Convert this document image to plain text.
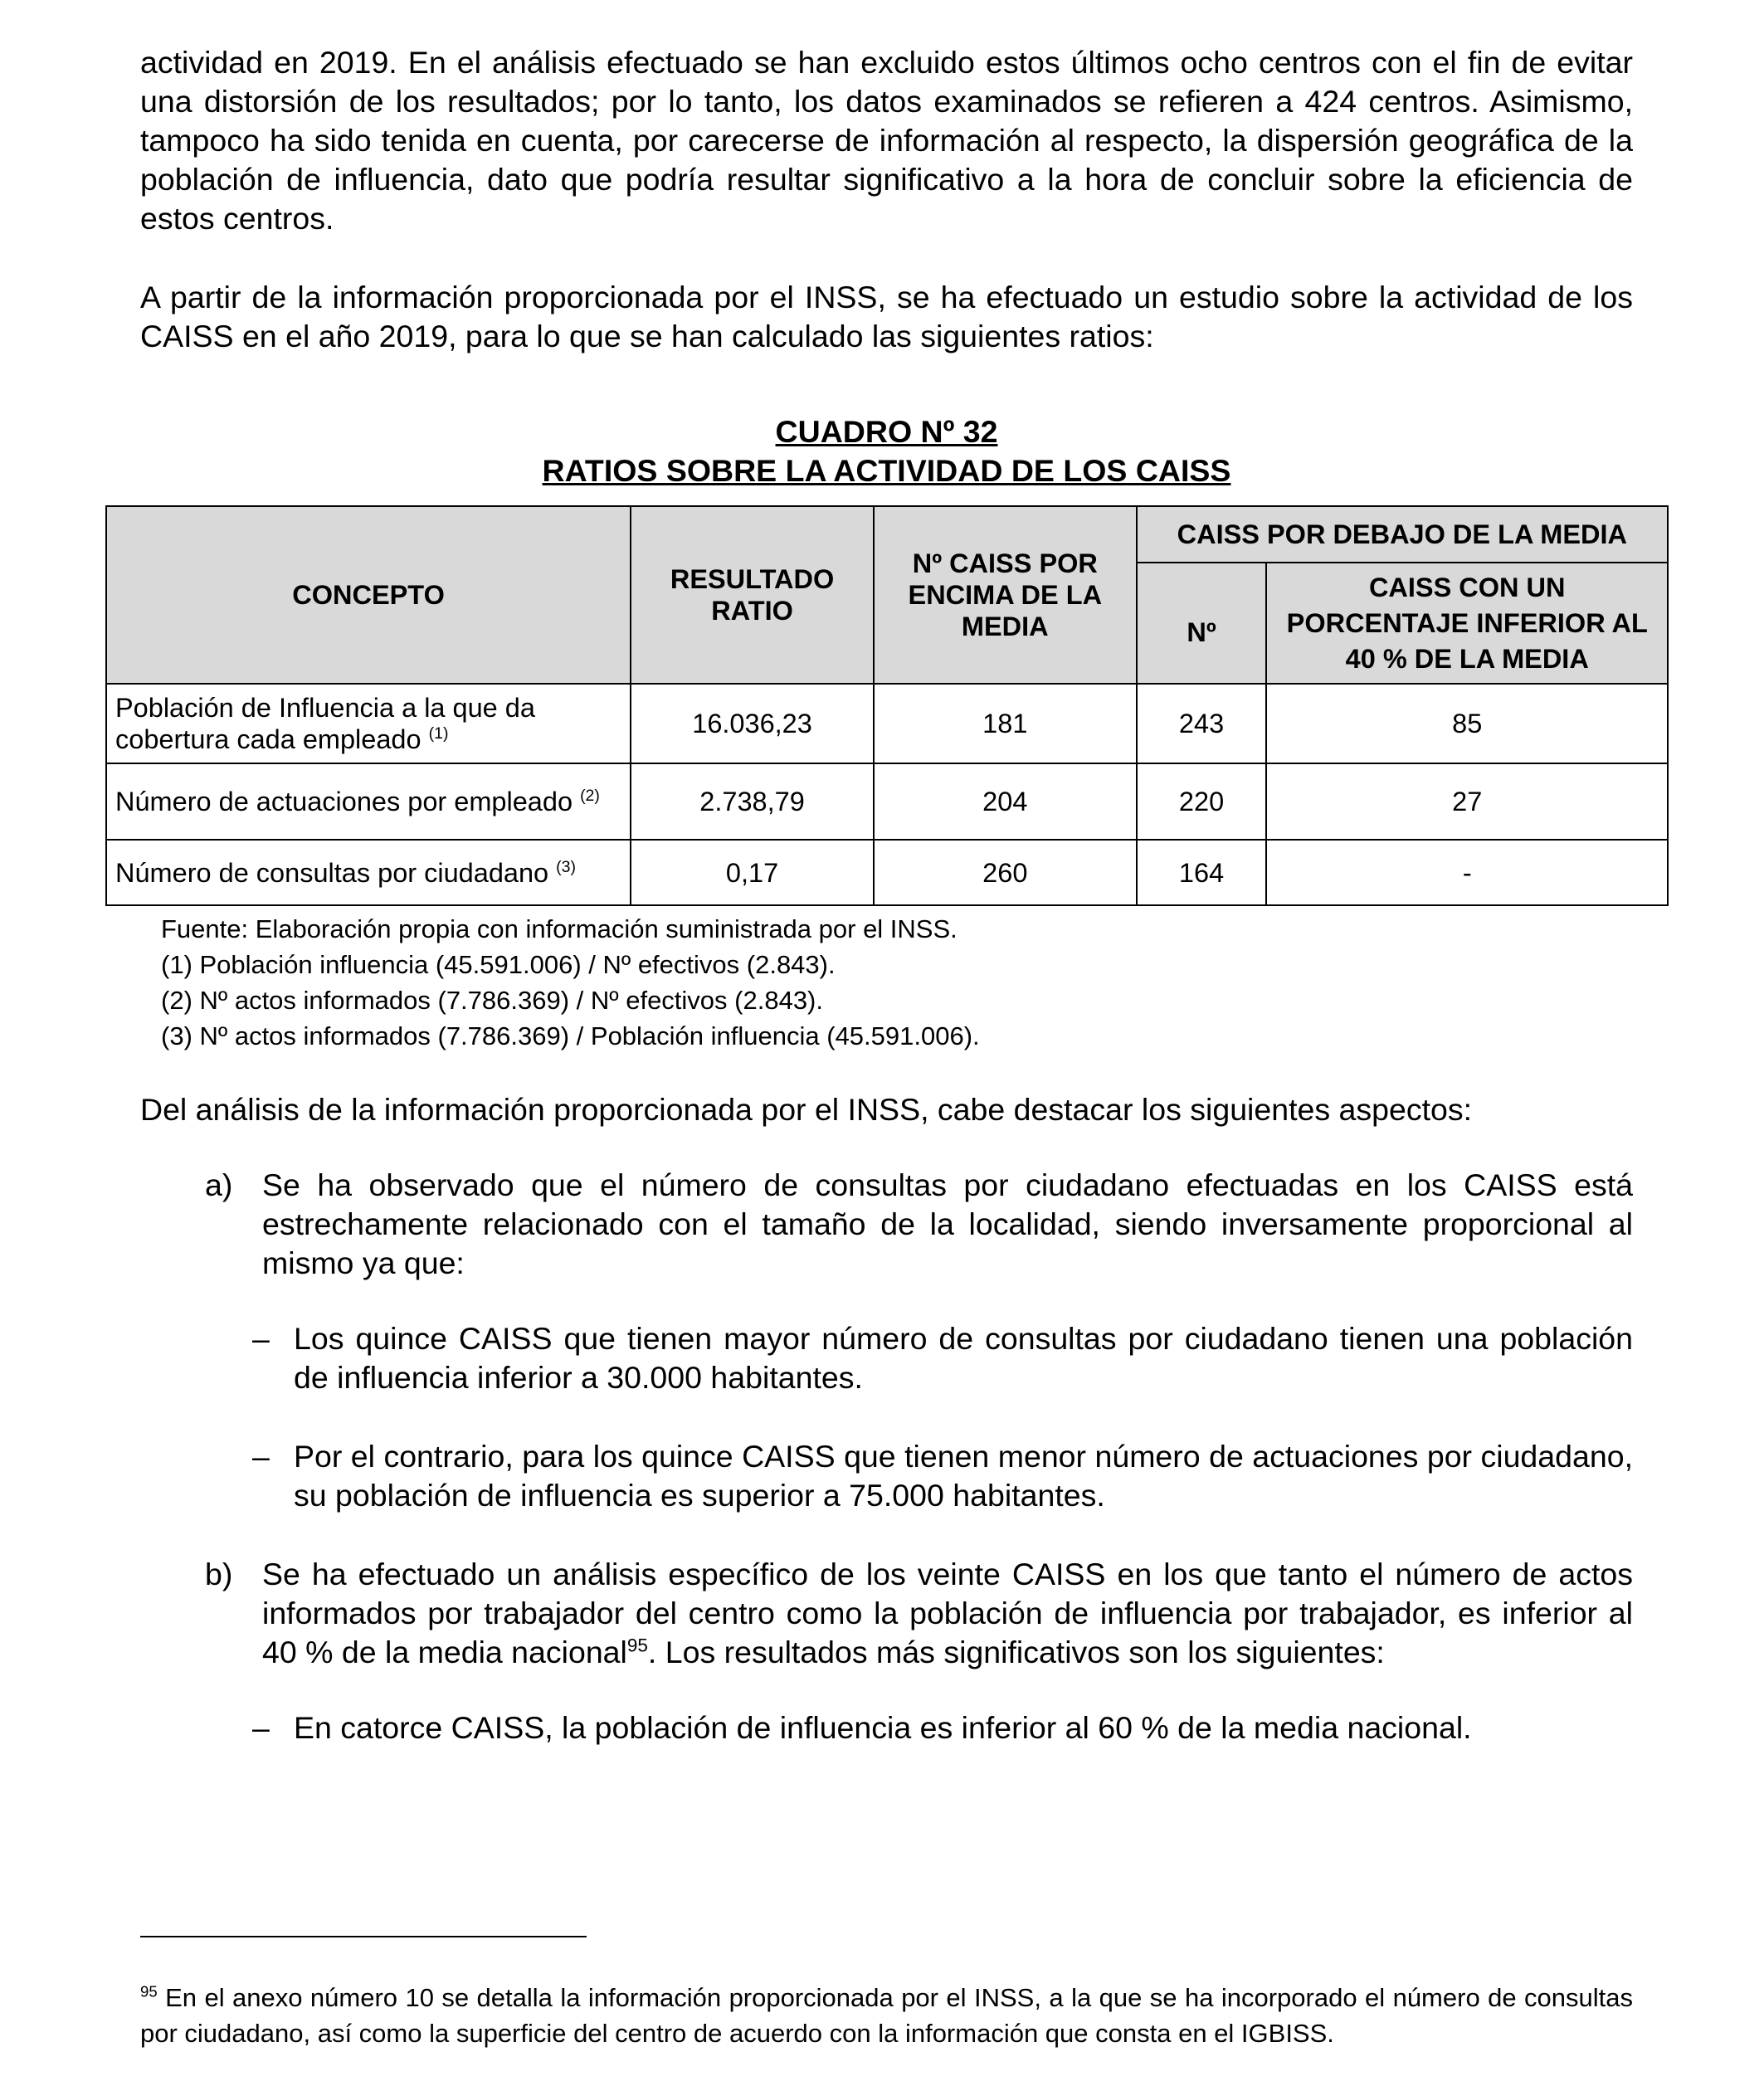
actividad en 2019. En el análisis efectuado se han excluido estos últimos ocho centros con el fin de evitar una distorsión de los resultados; por lo tanto, los datos examinados se refieren a 424 centros. Asimismo, tampoco ha sido tenida en cuenta, por carecerse de información al respecto, la dispersión geográfica de la población de influencia, dato que podría resultar significativo a la hora de concluir sobre la eficiencia de estos centros.

A partir de la información proporcionada por el INSS, se ha efectuado un estudio sobre la actividad de los CAISS en el año 2019, para lo que se han calculado las siguientes ratios:

CUADRO Nº 32

RATIOS SOBRE LA ACTIVIDAD DE LOS CAISS

CONCEPTO	RESULTADO RATIO	Nº CAISS POR ENCIMA DE LA MEDIA	CAISS POR DEBAJO DE LA MEDIA	
			Nº	CAISS CON UN PORCENTAJE INFERIOR AL 40 % DE LA MEDIA
Población de Influencia a la que da cobertura cada empleado $^{(1)}$	16.036,23	181	243	85
Número de actuaciones por empleado $^{(2)}$	2.738,79	204	220	27
Número de consultas por ciudadano $^{(3)}$	0,17	260	164	-
Fuente: Elaboración propia con información suministrada por el INSS.
(1) Población influencia (45.591.006) / Nº efectivos (2.843).
(2) Nº actos informados (7.786.369) / Nº efectivos (2.843).
(3) Nº actos informados (7.786.369) / Población influencia (45.591.006).

Del análisis de la información proporcionada por el INSS, cabe destacar los siguientes aspectos:

a) Se ha observado que el número de consultas por ciudadano efectuadas en los CAISS está estrechamente relacionado con el tamaño de la localidad, siendo inversamente proporcional al mismo ya que:
– Los quince CAISS que tienen mayor número de consultas por ciudadano tienen una población de influencia inferior a 30.000 habitantes.
– Por el contrario, para los quince CAISS que tienen menor número de actuaciones por ciudadano, su población de influencia es superior a 75.000 habitantes.
b) Se ha efectuado un análisis específico de los veinte CAISS en los que tanto el número de actos informados por trabajador del centro como la población de influencia por trabajador, es inferior al 40 % de la media nacional$^{95}$. Los resultados más significativos son los siguientes:
– En catorce CAISS, la población de influencia es inferior al 60 % de la media nacional.

$^{95}$ En el anexo número 10 se detalla la información proporcionada por el INSS, a la que se ha incorporado el número de consultas por ciudadano, así como la superficie del centro de acuerdo con la información que consta en el IGBISS.
